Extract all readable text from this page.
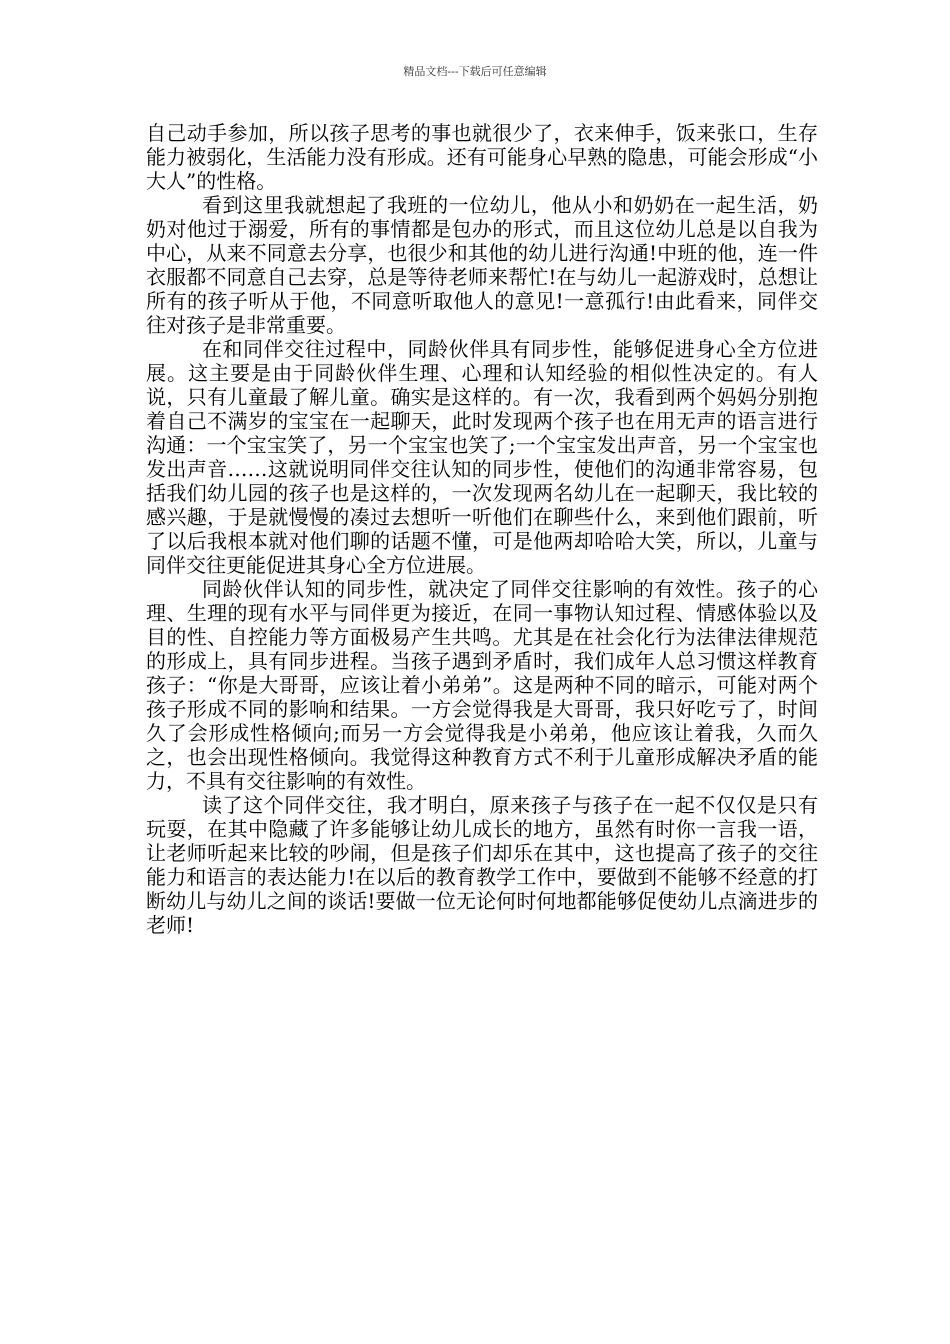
精品文档---下载后可任意编辑

自己动手参加，所以孩子思考的事也就很少了，衣来伸手，饭来张口，生存能力被弱化，生活能力没有形成。还有可能身心早熟的隐患，可能会形成“小大人”的性格。

看到这里我就想起了我班的一位幼儿，他从小和奶奶在一起生活，奶奶对他过于溺爱，所有的事情都是包办的形式，而且这位幼儿总是以自我为中心，从来不同意去分享，也很少和其他的幼儿进行沟通!中班的他，连一件衣服都不同意自己去穿，总是等待老师来帮忙!在与幼儿一起游戏时，总想让所有的孩子听从于他，不同意听取他人的意见!一意孤行!由此看来，同伴交往对孩子是非常重要。

在和同伴交往过程中，同龄伙伴具有同步性，能够促进身心全方位进展。这主要是由于同龄伙伴生理、心理和认知经验的相似性决定的。有人说，只有儿童最了解儿童。确实是这样的。有一次，我看到两个妈妈分别抱着自己不满岁的宝宝在一起聊天，此时发现两个孩子也在用无声的语言进行沟通：一个宝宝笑了，另一个宝宝也笑了;一个宝宝发出声音，另一个宝宝也发出声音……这就说明同伴交往认知的同步性，使他们的沟通非常容易，包括我们幼儿园的孩子也是这样的，一次发现两名幼儿在一起聊天，我比较的感兴趣，于是就慢慢的凑过去想听一听他们在聊些什么，来到他们跟前，听了以后我根本就对他们聊的话题不懂，可是他两却哈哈大笑，所以，儿童与同伴交往更能促进其身心全方位进展。

同龄伙伴认知的同步性，就决定了同伴交往影响的有效性。孩子的心理、生理的现有水平与同伴更为接近，在同一事物认知过程、情感体验以及目的性、自控能力等方面极易产生共鸣。尤其是在社会化行为法律法律规范的形成上，具有同步进程。当孩子遇到矛盾时，我们成年人总习惯这样教育孩子：“你是大哥哥，应该让着小弟弟”。这是两种不同的暗示，可能对两个孩子形成不同的影响和结果。一方会觉得我是大哥哥，我只好吃亏了，时间久了会形成性格倾向;而另一方会觉得我是小弟弟，他应该让着我，久而久之，也会出现性格倾向。我觉得这种教育方式不利于儿童形成解决矛盾的能力，不具有交往影响的有效性。

读了这个同伴交往，我才明白，原来孩子与孩子在一起不仅仅是只有玩耍，在其中隐藏了许多能够让幼儿成长的地方，虽然有时你一言我一语，让老师听起来比较的吵闹，但是孩子们却乐在其中，这也提高了孩子的交往能力和语言的表达能力!在以后的教育教学工作中，要做到不能够不经意的打断幼儿与幼儿之间的谈话!要做一位无论何时何地都能够促使幼儿点滴进步的老师!
